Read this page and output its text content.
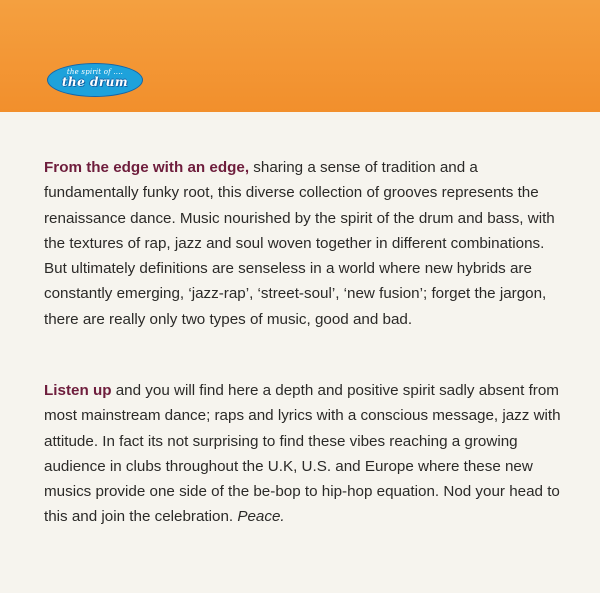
the spirit of ....
the drum

From the edge with an edge, sharing a sense of tradition and a fundamentally funky root, this diverse collection of grooves represents the renaissance dance. Music nourished by the spirit of the drum and bass, with the textures of rap, jazz and soul woven together in different combinations. But ultimately definitions are senseless in a world where new hybrids are constantly emerging, ‘jazz-rap’, ‘street-soul’, ‘new fusion’; forget the jargon, there are really only two types of music, good and bad.

Listen up and you will find here a depth and positive spirit sadly absent from most mainstream dance; raps and lyrics with a conscious message, jazz with attitude. In fact its not surprising to find these vibes reaching a growing audience in clubs throughout the U.K, U.S. and Europe where these new musics provide one side of the be-bop to hip-hop equation. Nod your head to this and join the celebration. Peace.
